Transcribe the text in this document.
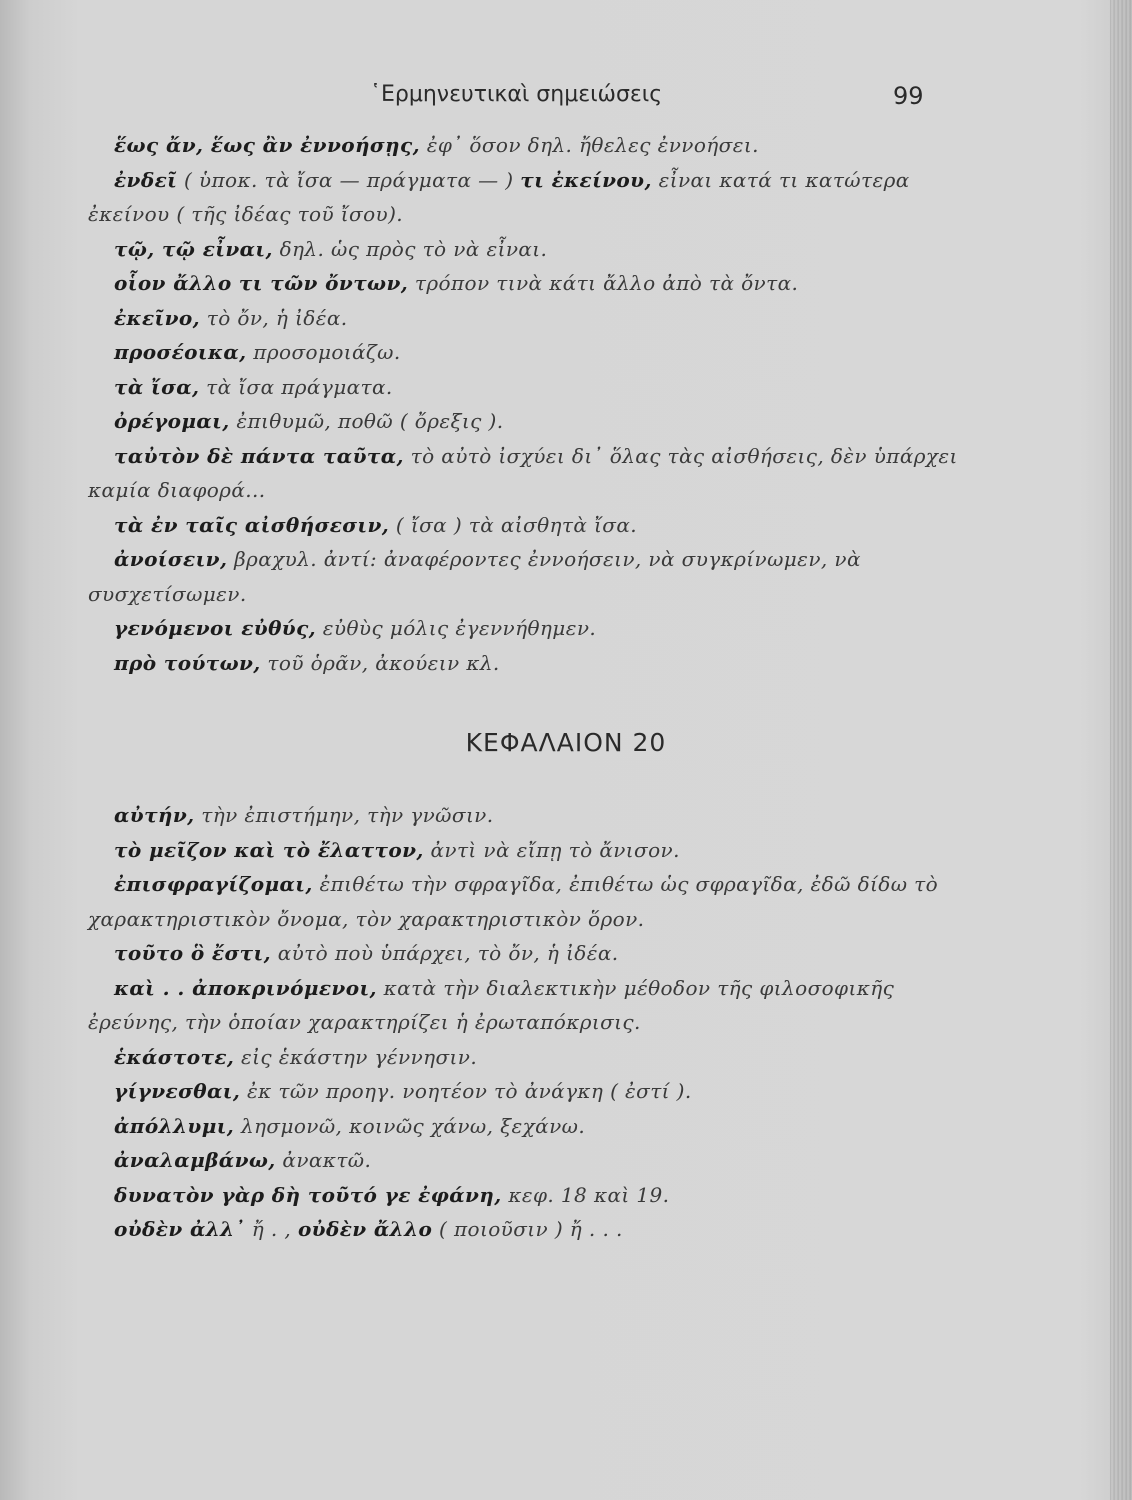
῾Ερμηνευτικαὶ σημειώσεις	99

ἕως ἄν, ἕως ἂν ἐννοήσῃς, ἐφ᾽ ὅσον δηλ. ἤθελες ἐννοήσει.

ἐνδεῖ ( ὑποκ. τὰ ἴσα — πράγματα — ) τι ἐκείνου, εἶναι κατά τι κατώτερα ἐκείνου ( τῆς ἰδέας τοῦ ἴσου).

τῷ, τῷ εἶναι, δηλ. ὡς πρὸς τὸ νὰ εἶναι.

οἷον ἄλλο τι τῶν ὄντων, τρόπον τινὰ κάτι ἄλλο ἀπὸ τὰ ὄντα.

ἐκεῖνο, τὸ ὄν, ἡ ἰδέα.

προσέοικα, προσομοιάζω.

τὰ ἴσα, τὰ ἴσα πράγματα.

ὀρέγομαι, ἐπιθυμῶ, ποθῶ ( ὄρεξις ).

ταὐτὸν δὲ πάντα ταῦτα, τὸ αὐτὸ ἰσχύει δι᾽ ὅλας τὰς αἰσθήσεις, δὲν ὑπάρχει καμία διαφορά...

τὰ ἐν ταῖς αἰσθήσεσιν, ( ἴσα ) τὰ αἰσθητὰ ἴσα.

ἀνοίσειν, βραχυλ. ἀντί: ἀναφέροντες ἐννοήσειν, νὰ συγκρίνωμεν, νὰ συσχετίσωμεν.

γενόμενοι εὐθύς, εὐθὺς μόλις ἐγεννήθημεν.

πρὸ τούτων, τοῦ ὁρᾶν, ἀκούειν κλ.

ΚΕΦΑΛΑΙΟΝ 20

αὐτήν, τὴν ἐπιστήμην, τὴν γνῶσιν.

τὸ μεῖζον καὶ τὸ ἔλαττον, ἀντὶ νὰ εἴπῃ τὸ ἄνισον.

ἐπισφραγίζομαι, ἐπιθέτω τὴν σφραγῖδα, ἐπιθέτω ὡς σφραγῖδα, ἐδῶ δίδω τὸ χαρακτηριστικὸν ὄνομα, τὸν χαρακτηριστικὸν ὅρον.

τοῦτο ὃ ἔστι, αὐτὸ ποὺ ὑπάρχει, τὸ ὄν, ἡ ἰδέα.

καὶ . . ἀποκρινόμενοι, κατὰ τὴν διαλεκτικὴν μέθοδον τῆς φιλοσοφικῆς ἐρεύνης, τὴν ὁποίαν χαρακτηρίζει ἡ ἐρωταπόκρισις.

ἑκάστοτε, εἰς ἑκάστην γέννησιν.

γίγνεσθαι, ἐκ τῶν προηγ. νοητέον τὸ ἀνάγκη ( ἐστί ).

ἀπόλλυμι, λησμονῶ, κοινῶς χάνω, ξεχάνω.

ἀναλαμβάνω, ἀνακτῶ.

δυνατὸν γὰρ δὴ τοῦτό γε ἐφάνη, κεφ. 18 καὶ 19.

οὐδὲν ἀλλ᾽ ἤ . , οὐδὲν ἄλλο ( ποιοῦσιν ) ἤ . . .
